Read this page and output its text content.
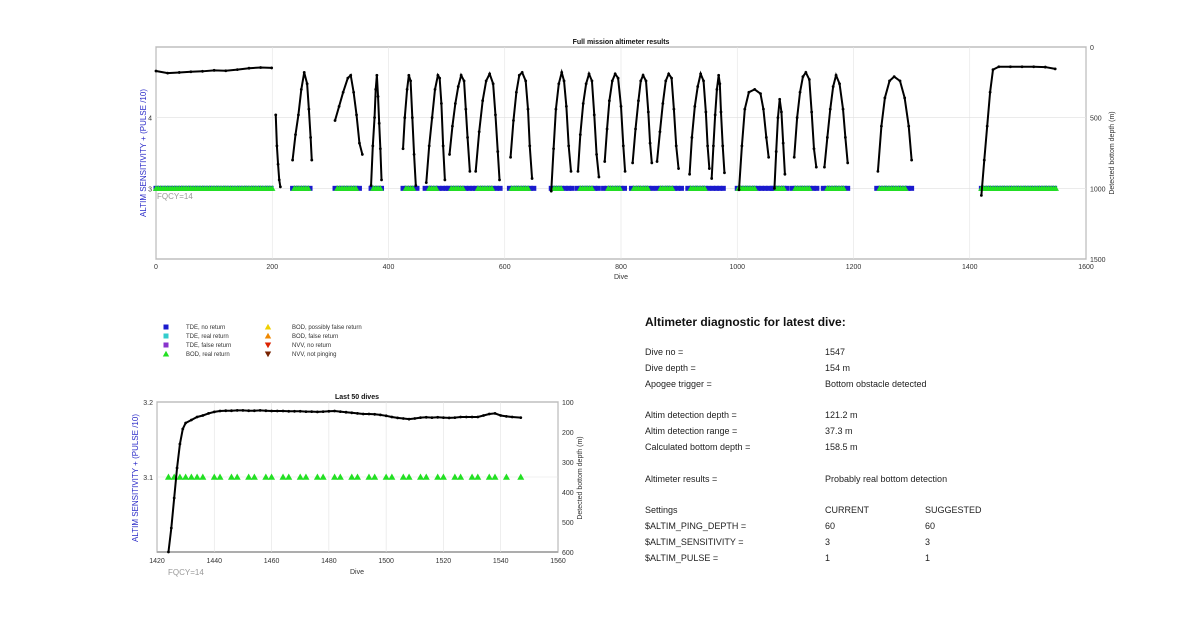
0	200	400	600	800	1000	1200	1400	1600
0
500
1000
1500
3
4
Full mission altimeter results
Dive
ALTIM SENSITIVITY + (PULSE /10)	Detected bottom depth (m)
FQCY=14
TDE, no return
TDE, real return
TDE, false return
BOD, real return
BOD, possibly false return
BOD, false return
NVV, no return
NVV, not pinging
1420	1440	1460	1480	1500	1520	1540	1560
100
200
300
400
500
600
3.1
3.2
Last 50 dives
Dive
ALTIM SENSITIVITY + (PULSE /10)	Detected bottom depth (m)
FQCY=14
Altimeter diagnostic for latest dive:
Dive no =	1547
Dive depth =	154 m
Apogee trigger =	Bottom obstacle detected
Altim detection depth =	121.2 m
Altim detection range =	37.3 m
Calculated bottom depth =	158.5 m
Altimeter results =	Probably real bottom detection
Settings	CURRENT	SUGGESTED
$ALTIM_PING_DEPTH =	60	60
$ALTIM_SENSITIVITY =	3	3
$ALTIM_PULSE =	1	1
